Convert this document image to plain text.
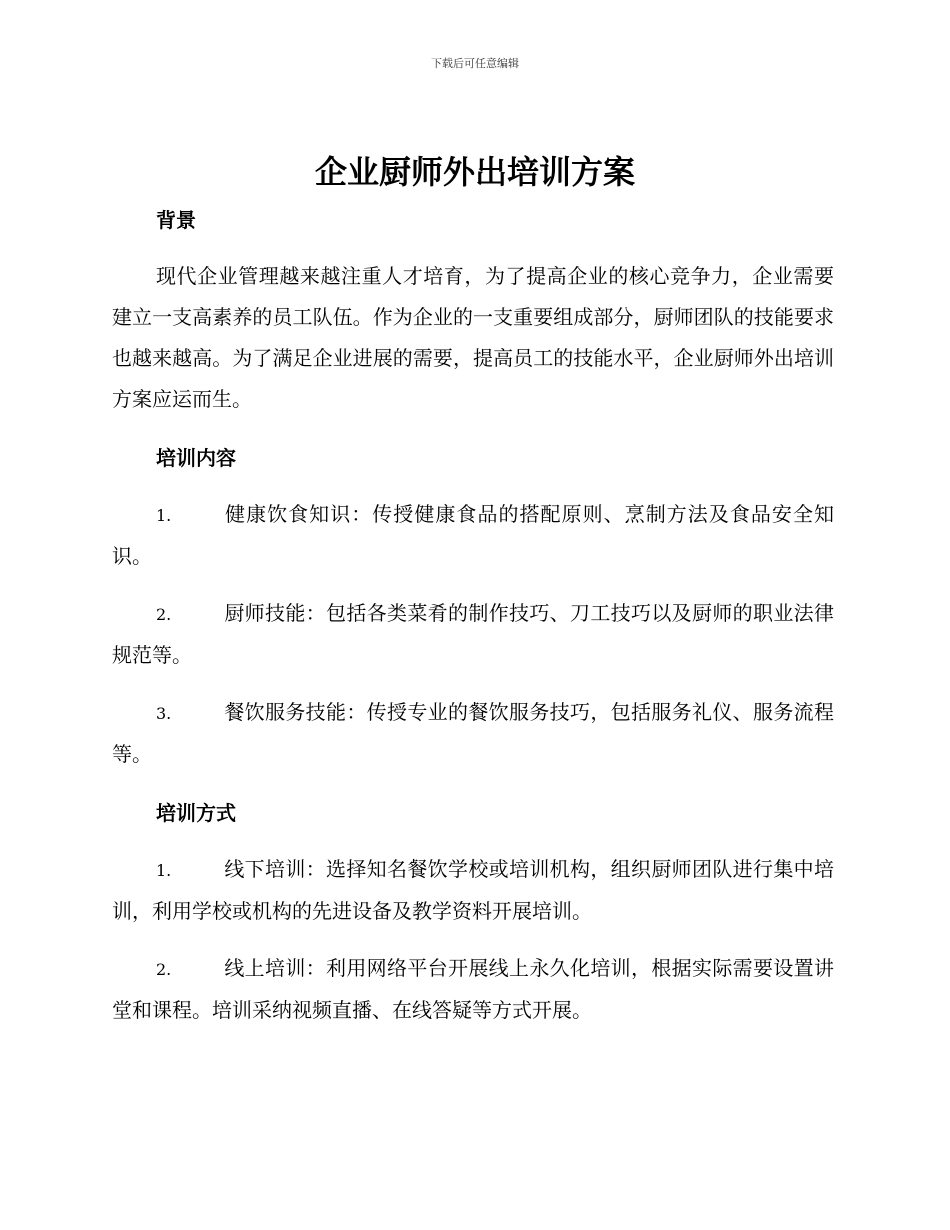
下载后可任意编辑
企业厨师外出培训方案
背景

现代企业管理越来越注重人才培育，为了提高企业的核心竞争力，企业需要建立一支高素养的员工队伍。作为企业的一支重要组成部分，厨师团队的技能要求也越来越高。为了满足企业进展的需要，提高员工的技能水平，企业厨师外出培训方案应运而生。

培训内容

1.	健康饮食知识：传授健康食品的搭配原则、烹制方法及食品安全知识。

2.	厨师技能：包括各类菜肴的制作技巧、刀工技巧以及厨师的职业法律规范等。

3.	餐饮服务技能：传授专业的餐饮服务技巧，包括服务礼仪、服务流程等。

培训方式

1.	线下培训：选择知名餐饮学校或培训机构，组织厨师团队进行集中培训，利用学校或机构的先进设备及教学资料开展培训。

2.	线上培训：利用网络平台开展线上永久化培训，根据实际需要设置讲堂和课程。培训采纳视频直播、在线答疑等方式开展。
